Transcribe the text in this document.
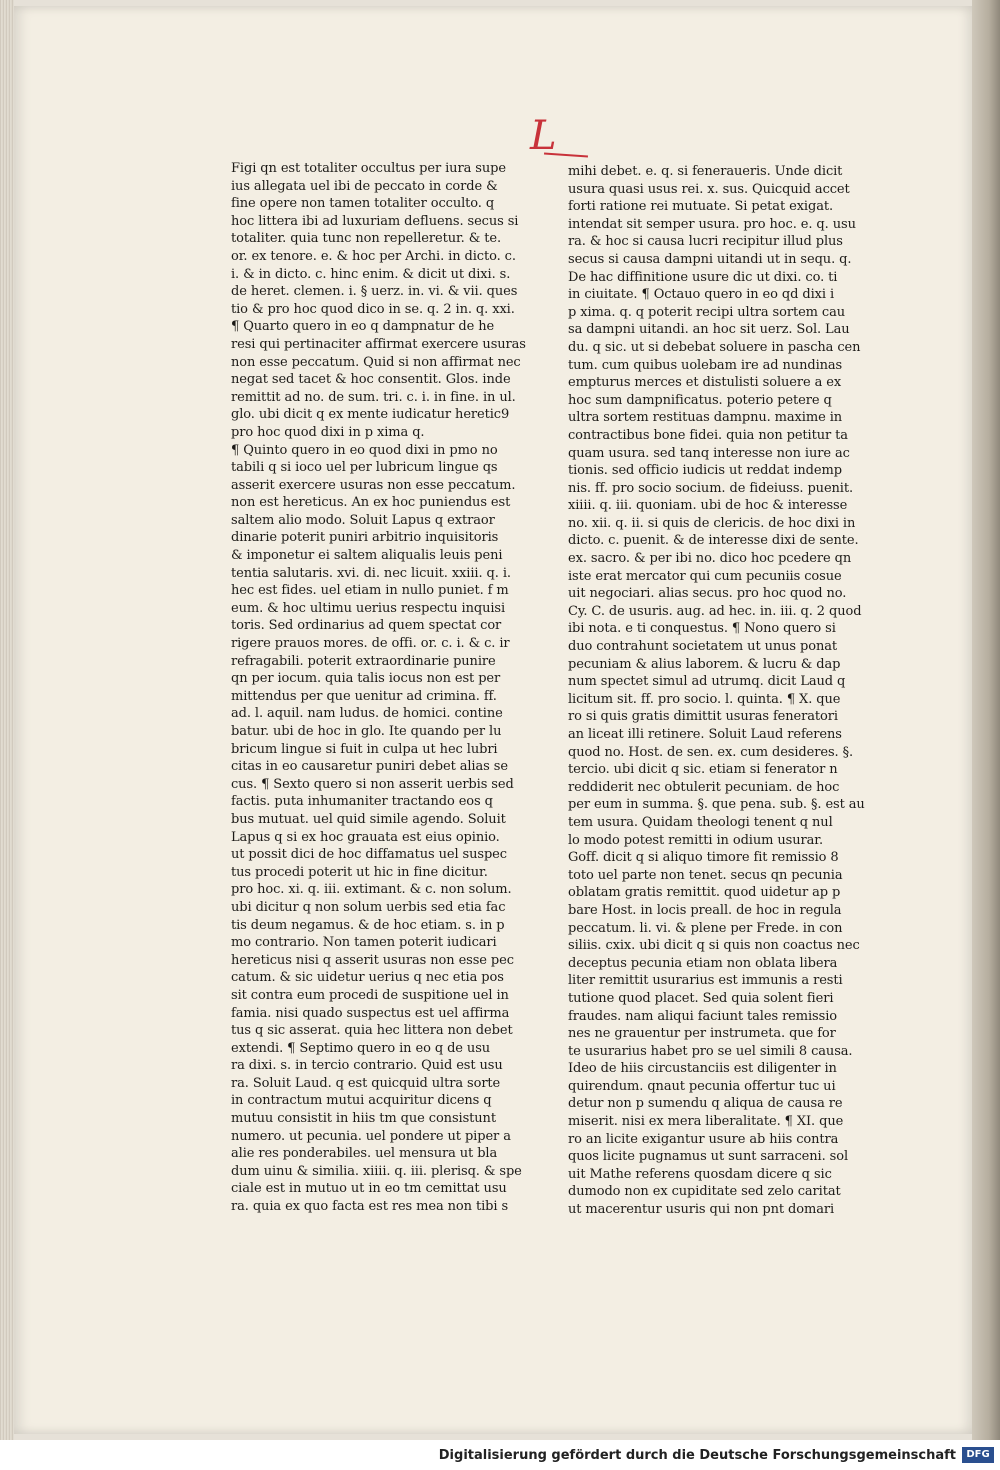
L
Figi qn est totaliter occultus per iura supe
ius allegata uel ibi de peccato in corde &
fine opere non tamen totaliter occulto. q
hoc littera ibi ad luxuriam defluens. secus si
totaliter. quia tunc non repelleretur. & te.
or. ex tenore. e. & hoc per Archi. in dicto. c.
i. & in dicto. c. hinc enim. & dicit ut dixi. s.
de heret. clemen. i. § uerz. in. vi. & vii. ques
tio & pro hoc quod dico in se. q. 2 in. q. xxi.
¶ Quarto quero in eo q dampnatur de he
resi qui pertinaciter affirmat exercere usuras
non esse peccatum. Quid si non affirmat nec
negat sed tacet & hoc consentit. Glos. inde
remittit ad no. de sum. tri. c. i. in fine. in ul.
glo. ubi dicit q ex mente iudicatur heretic9
pro hoc quod dixi in p xima q.
¶ Quinto quero in eo quod dixi in pmo no
tabili q si ioco uel per lubricum lingue qs
asserit exercere usuras non esse peccatum.
non est hereticus. An ex hoc puniendus est
saltem alio modo. Soluit Lapus q extraor
dinarie poterit puniri arbitrio inquisitoris
& imponetur ei saltem aliqualis leuis peni
tentia salutaris. xvi. di. nec licuit. xxiii. q. i.
hec est fides. uel etiam in nullo puniet. f m
eum. & hoc ultimu uerius respectu inquisi
toris. Sed ordinarius ad quem spectat cor
rigere prauos mores. de offi. or. c. i. & c. ir
refragabili. poterit extraordinarie punire
qn per iocum. quia talis iocus non est per
mittendus per que uenitur ad crimina. ff.
ad. l. aquil. nam ludus. de homici. contine
batur. ubi de hoc in glo. Ite quando per lu
bricum lingue si fuit in culpa ut hec lubri
citas in eo causaretur puniri debet alias se
cus. ¶ Sexto quero si non asserit uerbis sed
factis. puta inhumaniter tractando eos q
bus mutuat. uel quid simile agendo. Soluit
Lapus q si ex hoc grauata est eius opinio.
ut possit dici de hoc diffamatus uel suspec
tus procedi poterit ut hic in fine dicitur.
pro hoc. xi. q. iii. extimant. & c. non solum.
ubi dicitur q non solum uerbis sed etia fac
tis deum negamus. & de hoc etiam. s. in p
mo contrario. Non tamen poterit iudicari
hereticus nisi q asserit usuras non esse pec
catum. & sic uidetur uerius q nec etia pos
sit contra eum procedi de suspitione uel in
famia. nisi quado suspectus est uel affirma
tus q sic asserat. quia hec littera non debet
extendi. ¶ Septimo quero in eo q de usu
ra dixi. s. in tercio contrario. Quid est usu
ra. Soluit Laud. q est quicquid ultra sorte
in contractum mutui acquiritur dicens q
mutuu consistit in hiis tm que consistunt
numero. ut pecunia. uel pondere ut piper a
alie res ponderabiles. uel mensura ut bla
dum uinu & similia. xiiii. q. iii. plerisq. & spe
ciale est in mutuo ut in eo tm cemittat usu
ra. quia ex quo facta est res mea non tibi s
mihi debet. e. q. si feneraueris. Unde dicit
usura quasi usus rei. x. sus. Quicquid accet
forti ratione rei mutuate. Si petat exigat.
intendat sit semper usura. pro hoc. e. q. usu
ra. & hoc si causa lucri recipitur illud plus
secus si causa dampni uitandi ut in sequ. q.
De hac diffinitione usure dic ut dixi. co. ti
in ciuitate. ¶ Octauo quero in eo qd dixi i
p xima. q. q poterit recipi ultra sortem cau
sa dampni uitandi. an hoc sit uerz. Sol. Lau
du. q sic. ut si debebat soluere in pascha cen
tum. cum quibus uolebam ire ad nundinas
empturus merces et distulisti soluere a ex
hoc sum dampnificatus. poterio petere q
ultra sortem restituas dampnu. maxime in
contractibus bone fidei. quia non petitur ta
quam usura. sed tanq interesse non iure ac
tionis. sed officio iudicis ut reddat indemp
nis. ff. pro socio socium. de fideiuss. puenit.
xiiii. q. iii. quoniam. ubi de hoc & interesse
no. xii. q. ii. si quis de clericis. de hoc dixi in
dicto. c. puenit. & de interesse dixi de sente.
ex. sacro. & per ibi no. dico hoc pcedere qn
iste erat mercator qui cum pecuniis cosue
uit negociari. alias secus. pro hoc quod no.
Cy. C. de usuris. aug. ad hec. in. iii. q. 2 quod
ibi nota. e ti conquestus. ¶ Nono quero si
duo contrahunt societatem ut unus ponat
pecuniam & alius laborem. & lucru & dap
num spectet simul ad utrumq. dicit Laud q
licitum sit. ff. pro socio. l. quinta. ¶ X. que
ro si quis gratis dimittit usuras feneratori
an liceat illi retinere. Soluit Laud referens
quod no. Host. de sen. ex. cum desideres. §.
tercio. ubi dicit q sic. etiam si fenerator n
reddiderit nec obtulerit pecuniam. de hoc
per eum in summa. §. que pena. sub. §. est au
tem usura. Quidam theologi tenent q nul
lo modo potest remitti in odium usurar.
Goff. dicit q si aliquo timore fit remissio 8
toto uel parte non tenet. secus qn pecunia
oblatam gratis remittit. quod uidetur ap p
bare Host. in locis preall. de hoc in regula
peccatum. li. vi. & plene per Frede. in con
siliis. cxix. ubi dicit q si quis non coactus nec
deceptus pecunia etiam non oblata libera
liter remittit usurarius est immunis a resti
tutione quod placet. Sed quia solent fieri
fraudes. nam aliqui faciunt tales remissio
nes ne grauentur per instrumeta. que for
te usurarius habet pro se uel simili 8 causa.
Ideo de hiis circustanciis est diligenter in
quirendum. qnaut pecunia offertur tuc ui
detur non p sumendu q aliqua de causa re
miserit. nisi ex mera liberalitate. ¶ XI. que
ro an licite exigantur usure ab hiis contra
quos licite pugnamus ut sunt sarraceni. sol
uit Mathe referens quosdam dicere q sic
dumodo non ex cupiditate sed zelo caritat
ut macerentur usuris qui non pnt domari
Digitalisierung gefördert durch die Deutsche Forschungsgemeinschaft	DFG
